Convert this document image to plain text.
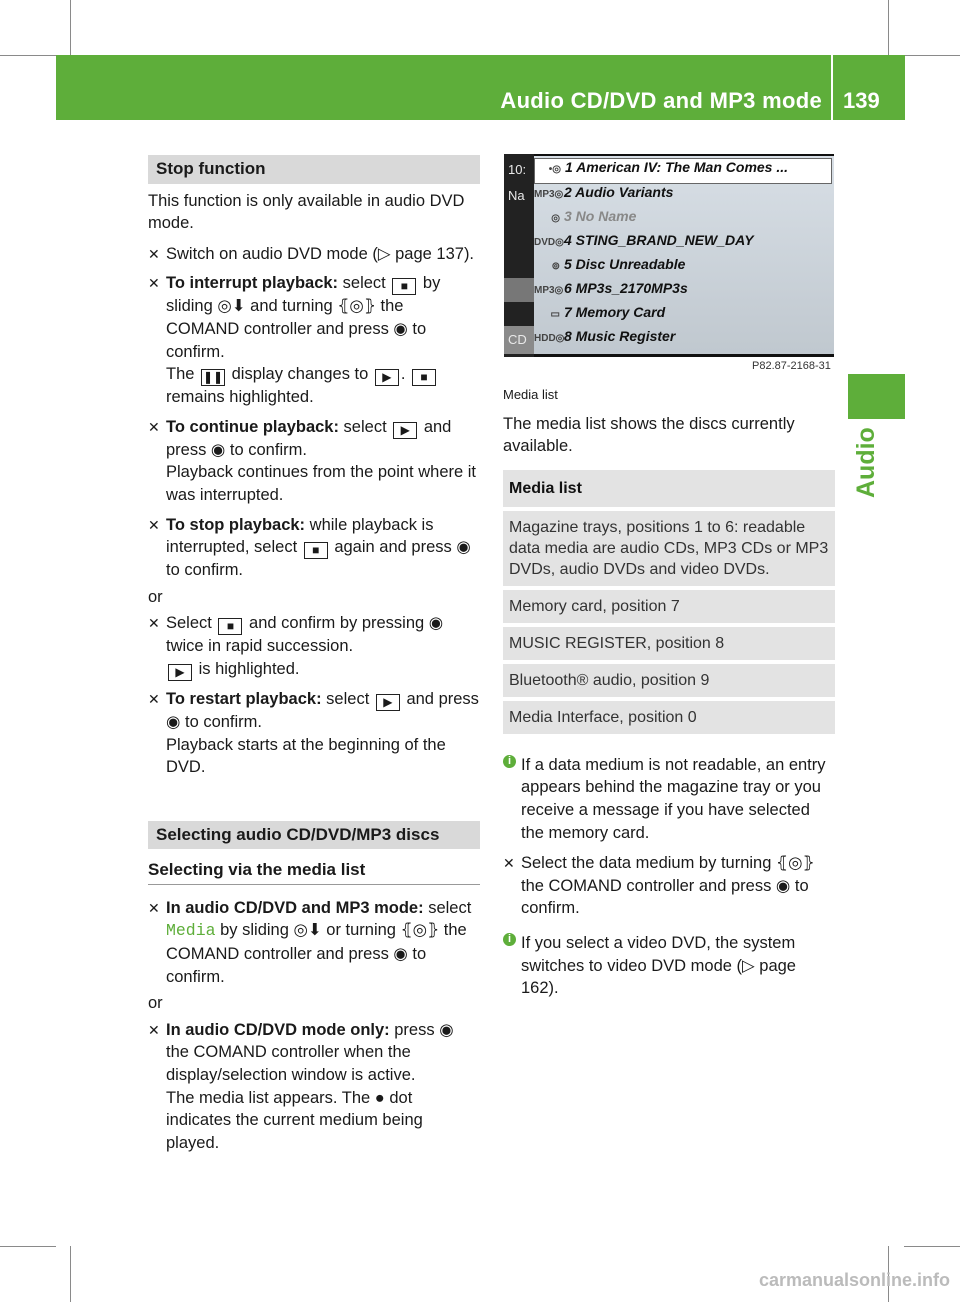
Audio CD/DVD and MP3 mode 139
Audio
Stop function

This function is only available in audio DVD mode.

✕ Switch on audio DVD mode (▷ page 137).
✕ To interrupt playback: select ■ by sliding ◎⬇ and turning ⦃◎⦄ the COMAND controller and press ◉ to confirm.
The ❚❚ display changes to ▶ . ■
remains highlighted.
✕ To continue playback: select ▶ and press ◉ to confirm.
Playback continues from the point where it was interrupted.
✕ To stop playback: while playback is interrupted, select ■ again and press ◉ to confirm.

or

✕ Select ■ and confirm by pressing ◉ twice in rapid succession.
▶ is highlighted.
✕ To restart playback: select ▶ and press ◉ to confirm.
Playback starts at the beginning of the DVD.
Selecting audio CD/DVD/MP3 discs
Selecting via the media list
✕ In audio CD/DVD and MP3 mode: select
Media by sliding ◎⬇ or turning ⦃◎⦄ the COMAND controller and press ◉ to confirm.

or

✕ In audio CD/DVD mode only: press ◉ the COMAND controller when the display/selection window is active.
The media list appears. The ● dot indicates the current medium being played.
10:
Na
CD
•◎ 1 American IV: The Man Comes ...
MP3◎2 Audio Variants
◎ 3 No Name
DVD◎4 STING_BRAND_NEW_DAY
⊚ 5 Disc Unreadable
MP3◎6 MP3s_2170MP3s
▭ 7 Memory Card
HDD◎8 Music Register
P82.87-2168-31

Media list

The media list shows the discs currently available.

Media list
Magazine trays, positions 1 to 6: readable data media are audio CDs, MP3 CDs or MP3 DVDs, audio DVDs and video DVDs.
Memory card, position 7
MUSIC REGISTER, position 8
Bluetooth® audio, position 9
Media Interface, position 0
i If a data medium is not readable, an entry appears behind the magazine tray or you receive a message if you have selected the memory card.
✕ Select the data medium by turning ⦃◎⦄ the COMAND controller and press ◉ to confirm.
i If you select a video DVD, the system switches to video DVD mode (▷ page 162).
carmanualsonline.info
